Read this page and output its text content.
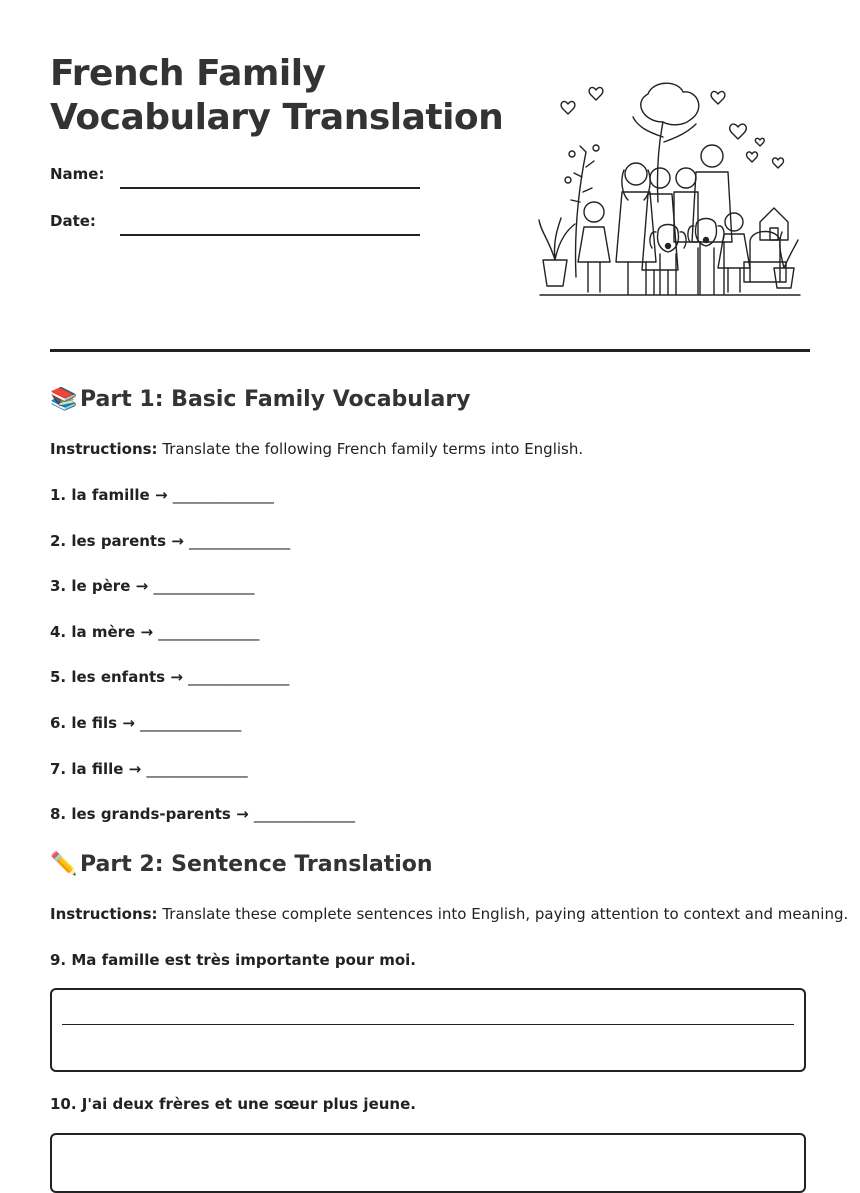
French Family
Vocabulary Translation
Name:
Date:
📚 Part 1: Basic Family Vocabulary
Instructions: Translate the following French family terms into English.
1. la famille → ______________
2. les parents → ______________
3. le père → ______________
4. la mère → ______________
5. les enfants → ______________
6. le fils → ______________
7. la fille → ______________
8. les grands-parents → ______________
✏️ Part 2: Sentence Translation
Instructions: Translate these complete sentences into English, paying attention to context and meaning.
9. Ma famille est très importante pour moi.
10. J'ai deux frères et une sœur plus jeune.
